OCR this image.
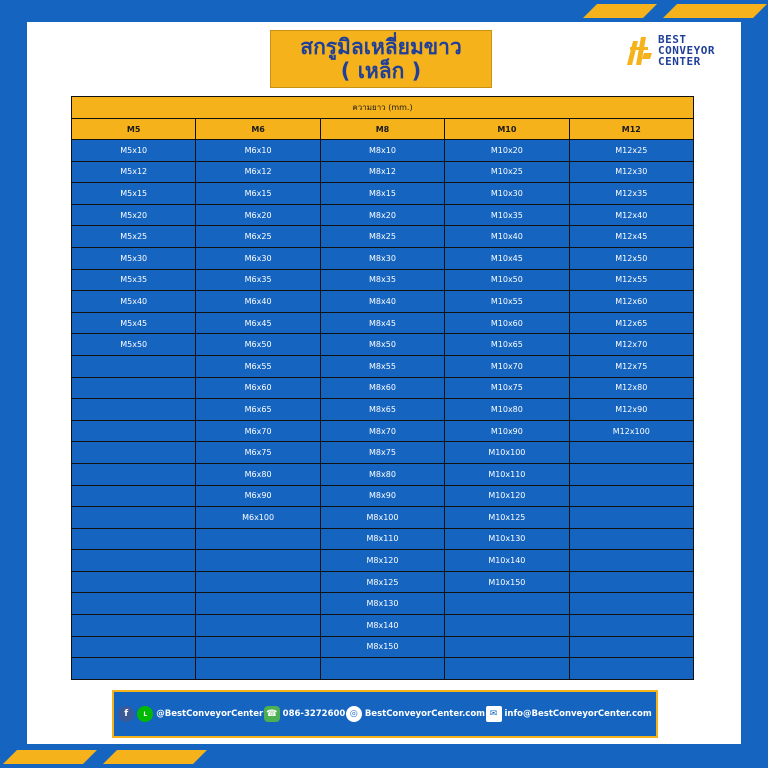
สกรูมิลเหลี่ยมขาว
( เหล็ก )
BEST
CONVEYOR
CENTER
ความยาว (mm.)				
M5	M6	M8	M10	M12
M5x10	M6x10	M8x10	M10x20	M12x25
M5x12	M6x12	M8x12	M10x25	M12x30
M5x15	M6x15	M8x15	M10x30	M12x35
M5x20	M6x20	M8x20	M10x35	M12x40
M5x25	M6x25	M8x25	M10x40	M12x45
M5x30	M6x30	M8x30	M10x45	M12x50
M5x35	M6x35	M8x35	M10x50	M12x55
M5x40	M6x40	M8x40	M10x55	M12x60
M5x45	M6x45	M8x45	M10x60	M12x65
M5x50	M6x50	M8x50	M10x65	M12x70
	M6x55	M8x55	M10x70	M12x75
	M6x60	M8x60	M10x75	M12x80
	M6x65	M8x65	M10x80	M12x90
	M6x70	M8x70	M10x90	M12x100
	M6x75	M8x75	M10x100	
	M6x80	M8x80	M10x110	
	M6x90	M8x90	M10x120	
	M6x100	M8x100	M10x125	
		M8x110	M10x130	
		M8x120	M10x140	
		M8x125	M10x150	
		M8x130		
		M8x140		
		M8x150		

f	L	@BestConveyorCenter ☎ 086-3272600 ◎ BestConveyorCenter.com ✉ info@BestConveyorCenter.com
